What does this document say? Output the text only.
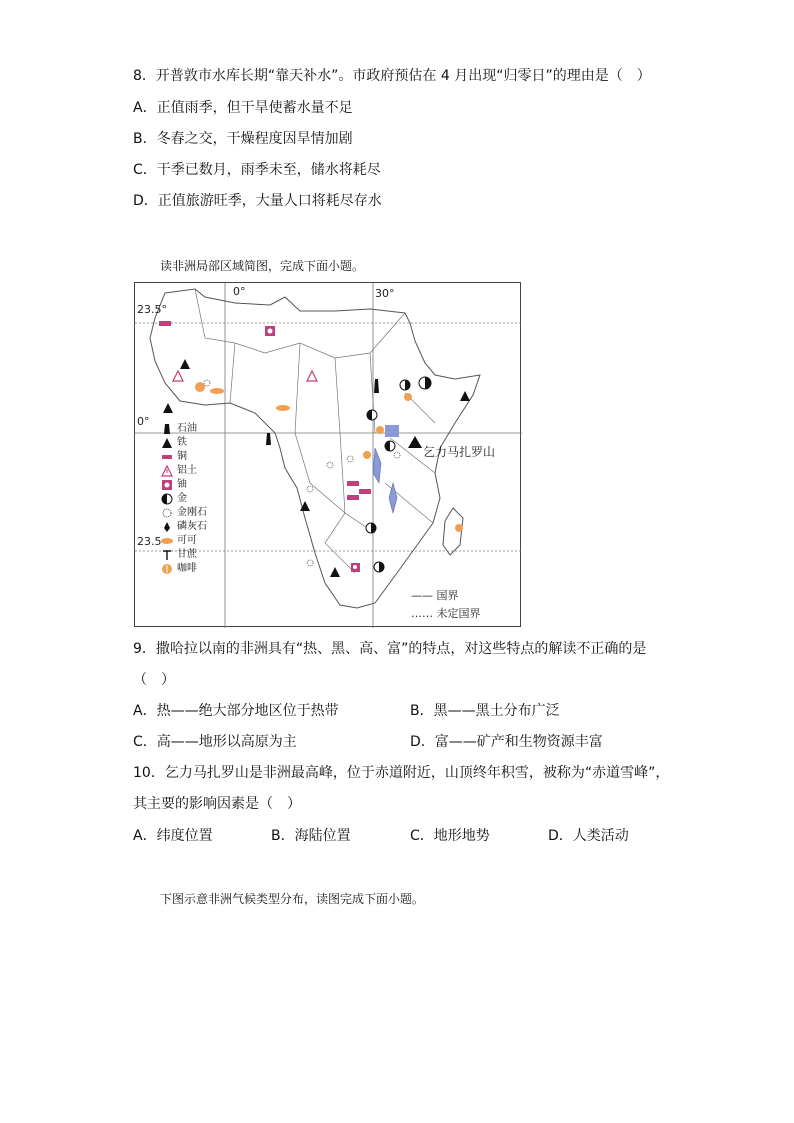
8．开普敦市水库长期“靠天补水”。市政府预估在 4 月出现“归零日”的理由是（　）
A．正值雨季，但干旱使蓄水量不足
B．冬春之交，干燥程度因旱情加剧
C．干季已数月，雨季未至，储水将耗尽
D．正值旅游旺季，大量人口将耗尽存水
读非洲局部区域简图，完成下面小题。
23.5°
0°
23.5
0°	30°
乞力马扎罗山
石油
铁
铜
铝土
铀
金
金刚石
磷灰石
可可
甘蔗
咖啡
—— 国界
…… 未定国界
9．撒哈拉以南的非洲具有“热、黑、高、富”的特点，对这些特点的解读不正确的是
（　）
A．热——绝大部分地区位于热带	B．黑——黑土分布广泛
C．高——地形以高原为主	D．富——矿产和生物资源丰富
10．乞力马扎罗山是非洲最高峰，位于赤道附近，山顶终年积雪，被称为“赤道雪峰”，
其主要的影响因素是（　）
A．纬度位置	B．海陆位置	C．地形地势	D．人类活动
下图示意非洲气候类型分布，读图完成下面小题。
